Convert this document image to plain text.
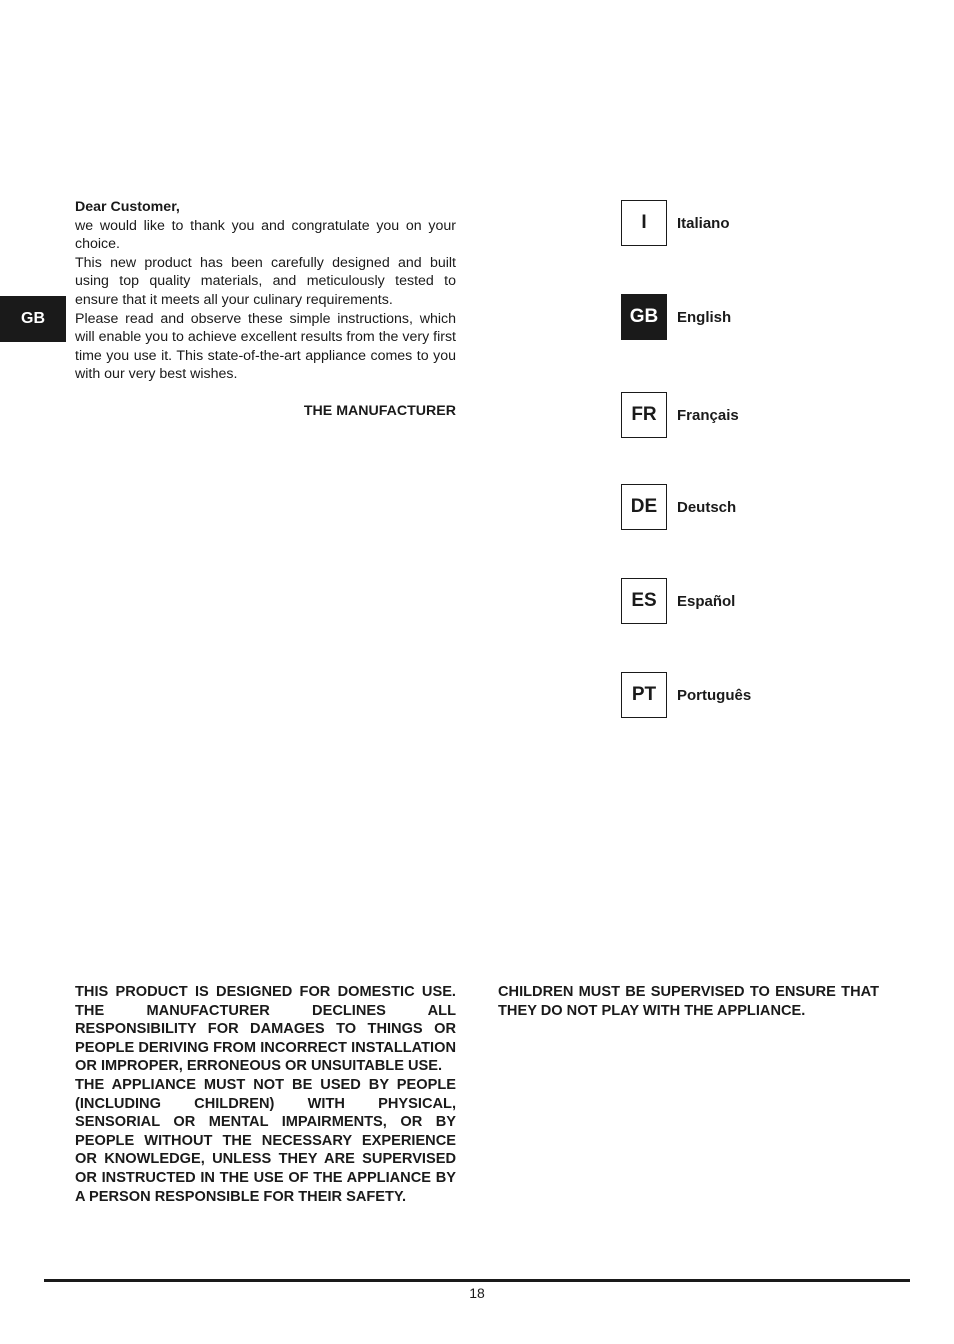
GB

Dear Customer,

we would like to thank you and congratulate you on your choice.

This new product has been carefully designed and built using top quality materials, and meticulously tested to ensure that it meets all your culinary requirements.

Please read and observe these simple instructions, which will enable you to achieve excellent results from the very first time you use it. This state-of-the-art appliance comes to you with our very best wishes.

THE MANUFACTURER

I	Italiano
GB	English
FR	Français
DE	Deutsch
ES	Español
PT	Português

THIS PRODUCT IS DESIGNED FOR DOMESTIC USE. THE MANUFACTURER DECLINES ALL RESPONSIBILITY FOR DAMAGES TO THINGS OR PEOPLE DERIVING FROM INCORRECT INSTALLATION OR IMPROPER, ERRONEOUS OR UNSUITABLE USE.

THE APPLIANCE MUST NOT BE USED BY PEOPLE (INCLUDING CHILDREN) WITH PHYSICAL, SENSORIAL OR MENTAL IMPAIRMENTS, OR BY PEOPLE WITHOUT THE NECESSARY EXPERIENCE OR KNOWLEDGE, UNLESS THEY ARE SUPERVISED OR INSTRUCTED IN THE USE OF THE APPLIANCE BY A PERSON RESPONSIBLE FOR THEIR SAFETY.

CHILDREN MUST BE SUPERVISED TO ENSURE THAT THEY DO NOT PLAY WITH THE APPLIANCE.

18
